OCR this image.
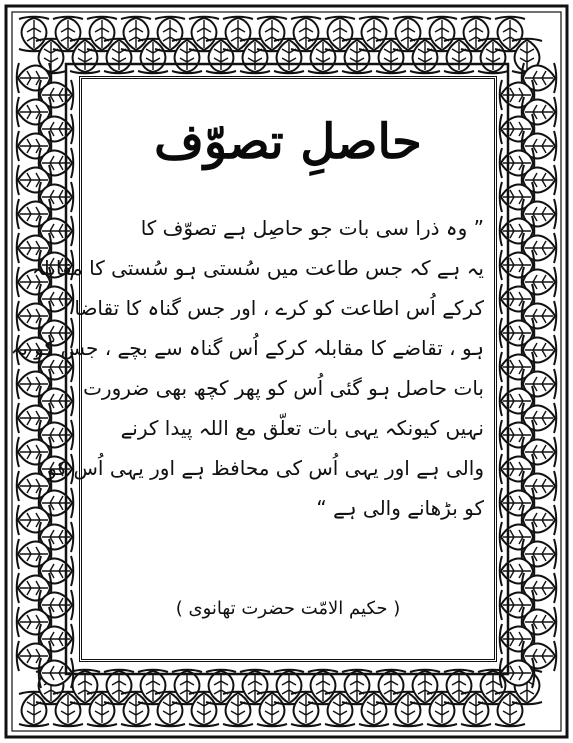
حاصلِ تصوّف
” وہ ذرا سی بات جو حاصِل ہے تصوّف کا
یہ ہے کہ جس طاعت میں سُستی ہو سُستی کا مقابلہ
کرکے اُس اطاعت کو کرے ، اور جس گناہ کا تقاضا
ہو ، تقاضے کا مقابلہ کرکے اُس گناہ سے بچے ، جس کو یہ
بات حاصل ہو گئی اُس کو پھر کچھ بھی ضرورت
نہیں کیونکہ یہی بات تعلّق مع اللہ پیدا کرنے
والی ہے اور یہی اُس کی محافظ ہے اور یہی اُس کو
کو بڑھانے والی ہے “
( حکیم الامّت حضرت تھانوی )
